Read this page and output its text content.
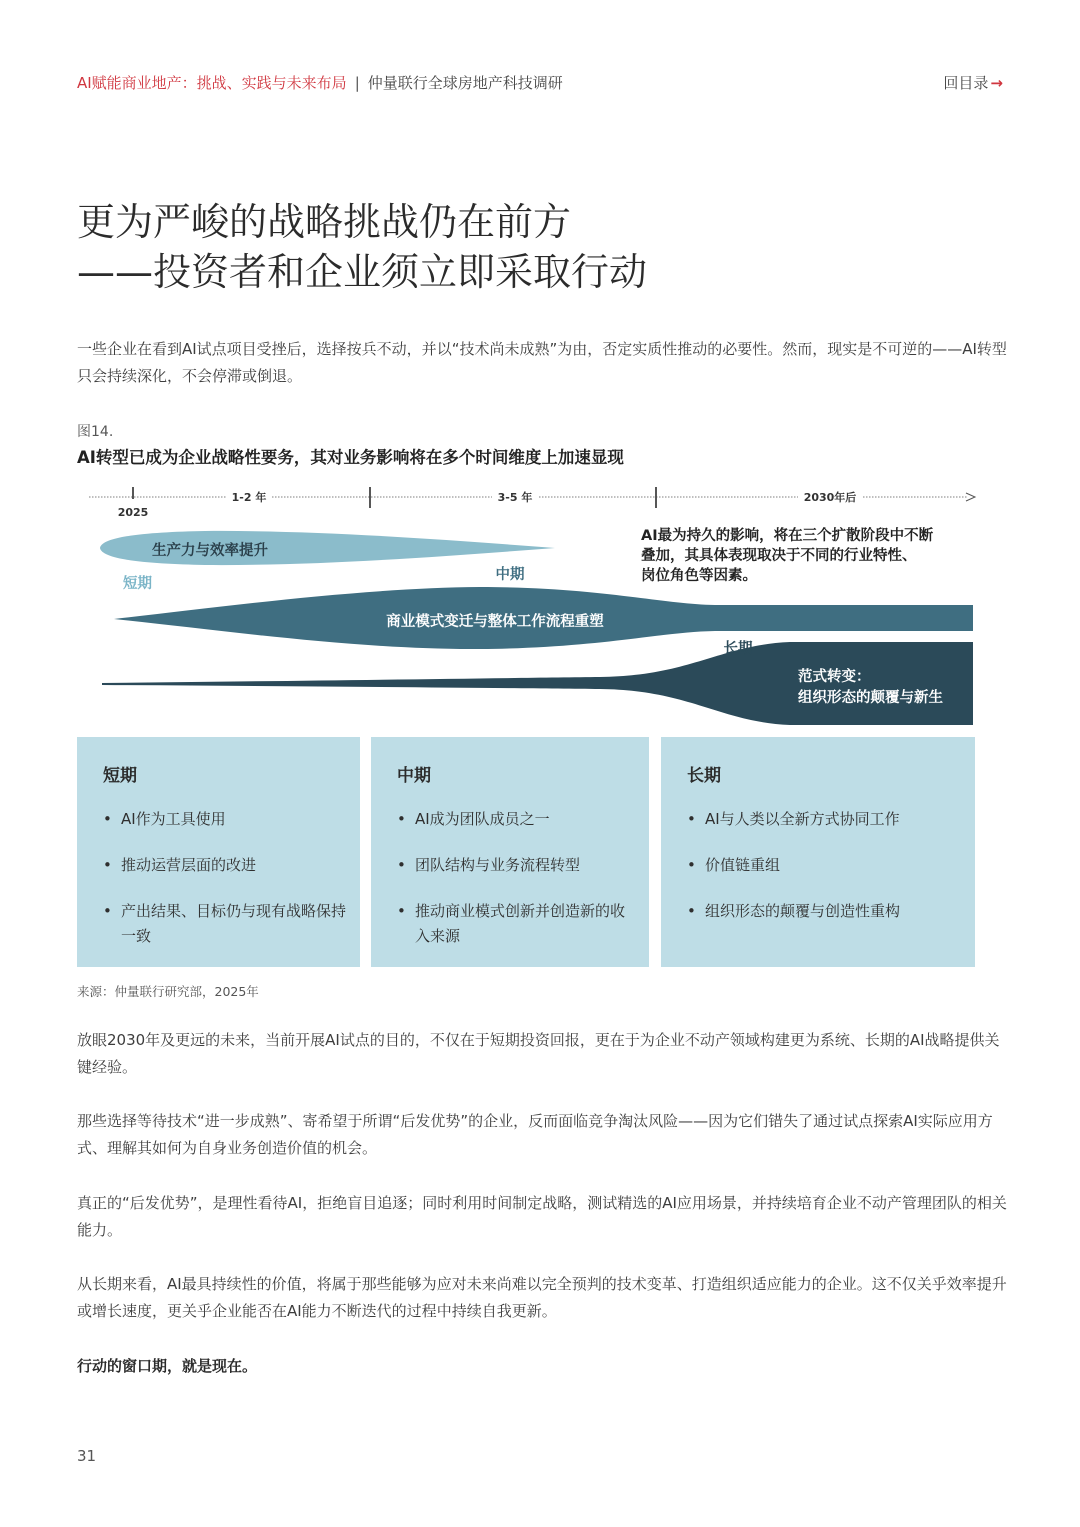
AI赋能商业地产：挑战、实践与未来布局 | 仲量联行全球房地产科技调研	回目录 →
更为严峻的战略挑战仍在前方
——投资者和企业须立即采取行动
一些企业在看到AI试点项目受挫后，选择按兵不动，并以“技术尚未成熟”为由，否定实质性推动的必要性。然而，现实是不可逆的——AI转型只会持续深化，不会停滞或倒退。
图14.
AI转型已成为企业战略性要务，其对业务影响将在多个时间维度上加速显现
1-2 年	3-5 年	2030年后
2025
AI最为持久的影响，将在三个扩散阶段中不断
叠加，其具体表现取决于不同的行业特性、
岗位角色等因素。
生产力与效率提升
短期
商业模式变迁与整体工作流程重塑
中期
范式转变：
组织形态的颠覆与新生
长期
短期
• AI作为工具使用
• 推动运营层面的改进
• 产出结果、目标仍与现有战略保持一致
中期
• AI成为团队成员之一
• 团队结构与业务流程转型
• 推动商业模式创新并创造新的收入来源
长期
• AI与人类以全新方式协同工作
• 价值链重组
• 组织形态的颠覆与创造性重构
来源：仲量联行研究部，2025年
放眼2030年及更远的未来，当前开展AI试点的目的，不仅在于短期投资回报，更在于为企业不动产领域构建更为系统、长期的AI战略提供关键经验。
那些选择等待技术“进一步成熟”、寄希望于所谓“后发优势”的企业，反而面临竞争淘汰风险——因为它们错失了通过试点探索AI实际应用方式、理解其如何为自身业务创造价值的机会。
真正的“后发优势”，是理性看待AI，拒绝盲目追逐；同时利用时间制定战略，测试精选的AI应用场景，并持续培育企业不动产管理团队的相关能力。
从长期来看，AI最具持续性的价值，将属于那些能够为应对未来尚难以完全预判的技术变革、打造组织适应能力的企业。这不仅关乎效率提升或增长速度，更关乎企业能否在AI能力不断迭代的过程中持续自我更新。
行动的窗口期，就是现在。
31
